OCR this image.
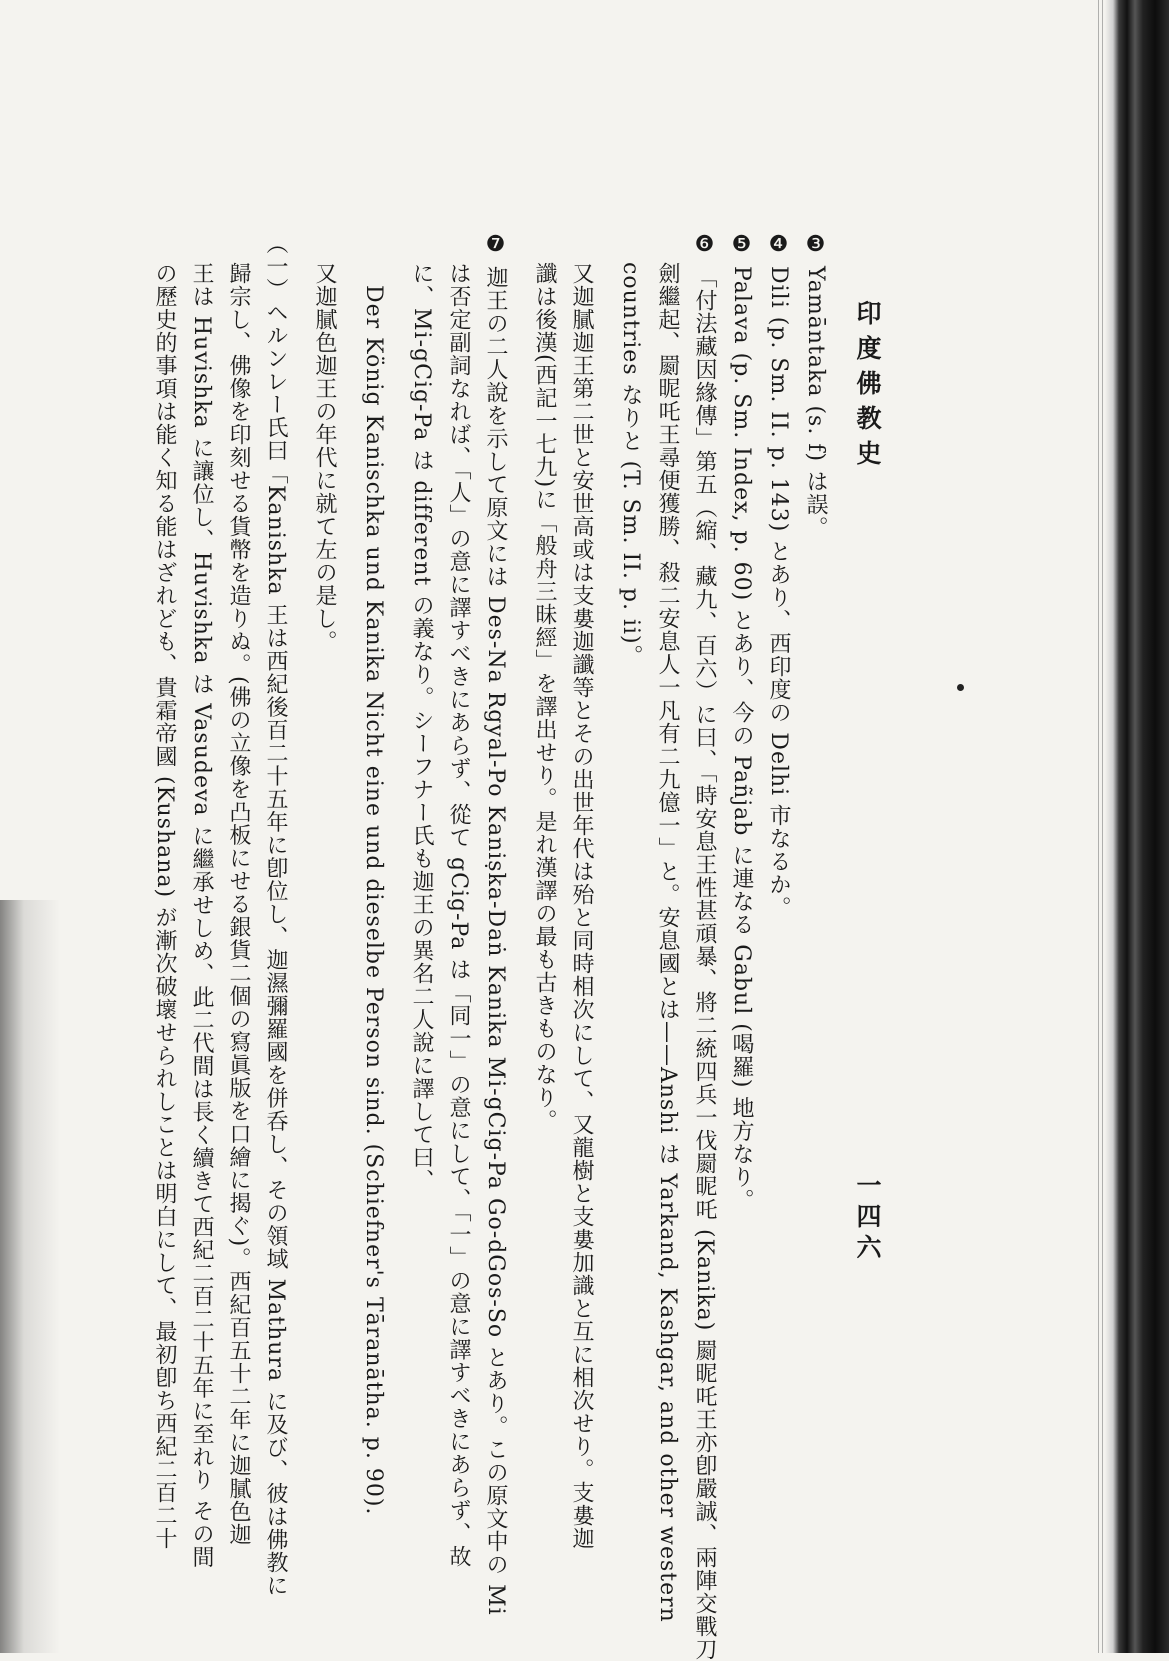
印度佛教史
一四六
❸ Yamāntaka (s. f) は誤。
❹ Dili (p. Sm. II. p. 143) とあり、西印度の Delhi 市なるか。
❺ Palava (p. Sm. Index, p. 60) とあり、今の Pañjab に連なる Gabul (喝羅) 地方なり。
❻ 「付法藏因緣傳」第五（縮、藏九、百六）に曰、「時安息王性甚頑暴、將二統四兵一伐罽昵吒 (Kanika) 罽昵吒王亦卽嚴誠、兩陣交戰刀
劍繼起、罽昵吒王尋便獲勝、殺二安息人一凡有二九億一」と。安息國とは——Anshi は Yarkand, Kashgar, and other western
countries なりと (T. Sm. II. p. ii)。
又迦膩迦王第二世と安世高或は支婁迦讖等とその出世年代は殆と同時相次にして、又龍樹と支婁加識と互に相次せり。支婁迦
讖は後漢(西記一七九)に「般舟三昧經」を譯出せり。是れ漢譯の最も古きものなり。
❼ 迦王の二人說を示して原文には Des-Na Rgyal-Po Kaniṣka-Daṅ Kanika Mi-gCig-Pa Go-dGos-So とあり。この原文中の Mi
は否定副詞なれば、「人」の意に譯すべきにあらず、從て gCig-Pa は「同一」の意にして、「一」の意に譯すべきにあらず、故
に、Mi-gCig-Pa は different の義なり。シーフナー氏も迦王の異名二人說に譯して曰、
Der König Kanischka und Kanika Nicht eine und dieselbe Person sind. (Schiefner's Tāranātha. p. 90).
又迦膩色迦王の年代に就て左の是し。
（一）ヘルンレー氏曰「Kanishka 王は西紀後百二十五年に卽位し、迦濕彌羅國を併呑し、その領域 Mathura に及び、彼は佛教に
歸宗し、佛像を印刻せる貨幣を造りぬ。(佛の立像を凸板にせる銀貨二個の寫眞版を口繪に揭ぐ)。西紀百五十二年に迦膩色迦
王は Huvishka に讓位し、Huvishka は Vasudeva に繼承せしめ、此二代間は長く續きて西紀二百二十五年に至れり その間
の歷史的事項は能く知る能はざれども、貴霜帝國 (Kushana) が漸次破壞せられしことは明白にして、最初卽ち西紀二百二十
